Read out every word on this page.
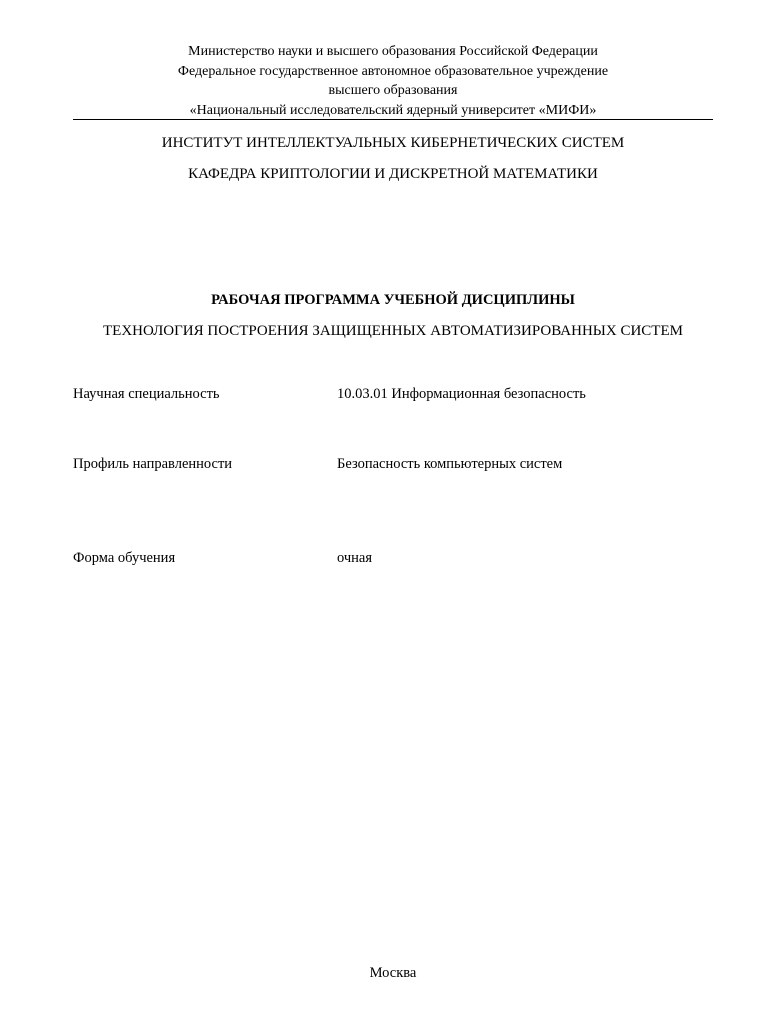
Министерство науки и высшего образования Российской Федерации
Федеральное государственное автономное образовательное учреждение
высшего образования
«Национальный исследовательский ядерный университет «МИФИ»
ИНСТИТУТ ИНТЕЛЛЕКТУАЛЬНЫХ КИБЕРНЕТИЧЕСКИХ СИСТЕМ
КАФЕДРА КРИПТОЛОГИИ И ДИСКРЕТНОЙ МАТЕМАТИКИ
РАБОЧАЯ ПРОГРАММА УЧЕБНОЙ ДИСЦИПЛИНЫ
ТЕХНОЛОГИЯ ПОСТРОЕНИЯ ЗАЩИЩЕННЫХ АВТОМАТИЗИРОВАННЫХ СИСТЕМ
Научная специальность	10.03.01 Информационная безопасность
Профиль направленности	Безопасность компьютерных систем
Форма обучения	очная
Москва
